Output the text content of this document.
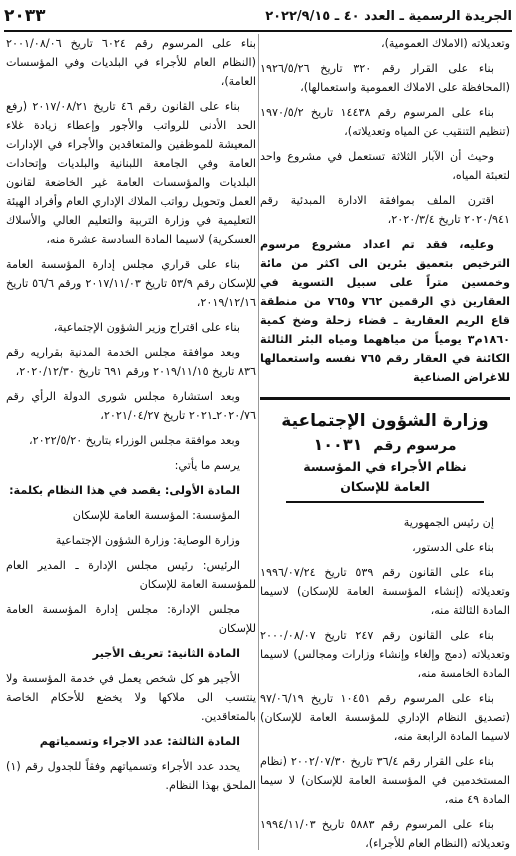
الجريدة الرسمية ـ العدد ٤٠ ـ ٢٠٢٢/٩/١٥
٢٠٣٣

وتعديلاته (الاملاك العمومية)،

بناء على القرار رقم ٣٢٠ تاريخ ١٩٢٦/٥/٢٦ (المحافظة على الاملاك العمومية واستعمالها)،

بناء على المرسوم رقم ١٤٤٣٨ تاريخ ١٩٧٠/٥/٢ (تنظيم التنقيب عن المياه وتعديلاته)،

وحيث أن الآبار الثلاثة تستعمل في مشروع واحد لتعبئة المياه،

اقترن الملف بموافقة الادارة المبدئية رقم ٢٠٢٠/٩٤١ تاريخ ٢٠٢٠/٣/٤،

وعليه، فقد تم اعداد مشروع مرسوم الترخيص بتعميق بئرين الى اكثر من مائة وخمسين متراً على سبيل التسوية في العقارين ذي الرقمين ٧٦٢ و٧٦٥ من منطقة قاع الريم العقارية ـ قضاء زحلة وضخ كمية ١٨٦٠م٣ يومياً من مياههما ومياه البئر الثالثة الكائنة في العقار رقم ٧٦٥ نفسه واستعمالها للاغراض الصناعية

وزارة الشؤون الإجتماعية
مرسوم رقم ١٠٠٣١
نظام الأجراء في المؤسسة العامة للإسكان

إن رئيس الجمهورية

بناء على الدستور،

بناء على القانون رقم ٥٣٩ تاريخ ١٩٩٦/٠٧/٢٤ وتعديلاته (إنشاء المؤسسة العامة للإسكان) لاسيما المادة الثالثة منه،

بناء على القانون رقم ٢٤٧ تاريخ ٢٠٠٠/٠٨/٠٧ وتعديلاته (دمج وإلغاء وإنشاء وزارات ومجالس) لاسيما المادة الخامسة منه،

بناء على المرسوم رقم ١٠٤٥١ تاريخ ٩٧/٠٦/١٩ (تصديق النظام الإداري للمؤسسة العامة للإسكان) لاسيما المادة الرابعة منه،

بناء على القرار رقم ٣٦/٤ تاريخ ٢٠٠٢/٠٧/٣٠ (نظام المستخدمين في المؤسسة العامة للإسكان) لا سيما المادة ٤٩ منه،

بناء على المرسوم رقم ٥٨٨٣ تاريخ ١٩٩٤/١١/٠٣ وتعديلاته (النظام العام للأجراء)،

بناء على المرسوم رقم ٦٠٢٤ تاريخ ٢٠٠١/٠٨/٠٦ (النظام العام للأجراء في البلديات وفي المؤسسات العامة)،

بناء على القانون رقم ٤٦ تاريخ ٢٠١٧/٠٨/٢١ (رفع الحد الأدنى للرواتب والأجور وإعطاء زيادة غلاء المعيشة للموظفين والمتعاقدين والأجراء في الإدارات العامة وفي الجامعة اللبنانية والبلديات وإتحادات البلديات والمؤسسات العامة غير الخاضعة لقانون العمل وتحويل رواتب الملاك الإداري العام وأفراد الهيئة التعليمية في وزارة التربية والتعليم العالي والأسلاك العسكرية) لاسيما المادة السادسة عشرة منه،

بناء على قراري مجلس إدارة المؤسسة العامة للإسكان رقم ٥٣/٩ تاريخ ٢٠١٧/١١/٠٣ ورقم ٥٦/٦ تاريخ ٢٠١٩/١٢/١٦،

بناء على اقتراح وزير الشؤون الإجتماعية،

وبعد موافقة مجلس الخدمة المدنية بقراريه رقم ٨٣٦ تاريخ ٢٠١٩/١١/١٥ ورقم ٦٩١ تاريخ ٢٠٢٠/١٢/٣٠،

وبعد استشارة مجلس شورى الدولة الرأي رقم ٢٠٢٠/٧٦ـ٢٠٢١ تاريخ ٢٠٢١/٠٤/٢٧،

وبعد موافقة مجلس الوزراء بتاريخ ٢٠٢٢/٥/٢٠،

يرسم ما يأتي:

المادة الأولى: يقصد في هذا النظام بكلمة:

المؤسسة: المؤسسة العامة للإسكان

وزارة الوصاية: وزارة الشؤون الإجتماعية

الرئيس: رئيس مجلس الإدارة ـ المدير العام للمؤسسة العامة للإسكان

مجلس الإدارة: مجلس إدارة المؤسسة العامة للإسكان

المادة الثانية: تعريف الأجير

الأجير هو كل شخص يعمل في خدمة المؤسسة ولا ينتسب الى ملاكها ولا يخضع للأحكام الخاصة بالمتعاقدين.

المادة الثالثة: عدد الاجراء وتسمياتهم

يحدد عدد الأجراء وتسمياتهم وفقاً للجدول رقم (١) الملحق بهذا النظام.
